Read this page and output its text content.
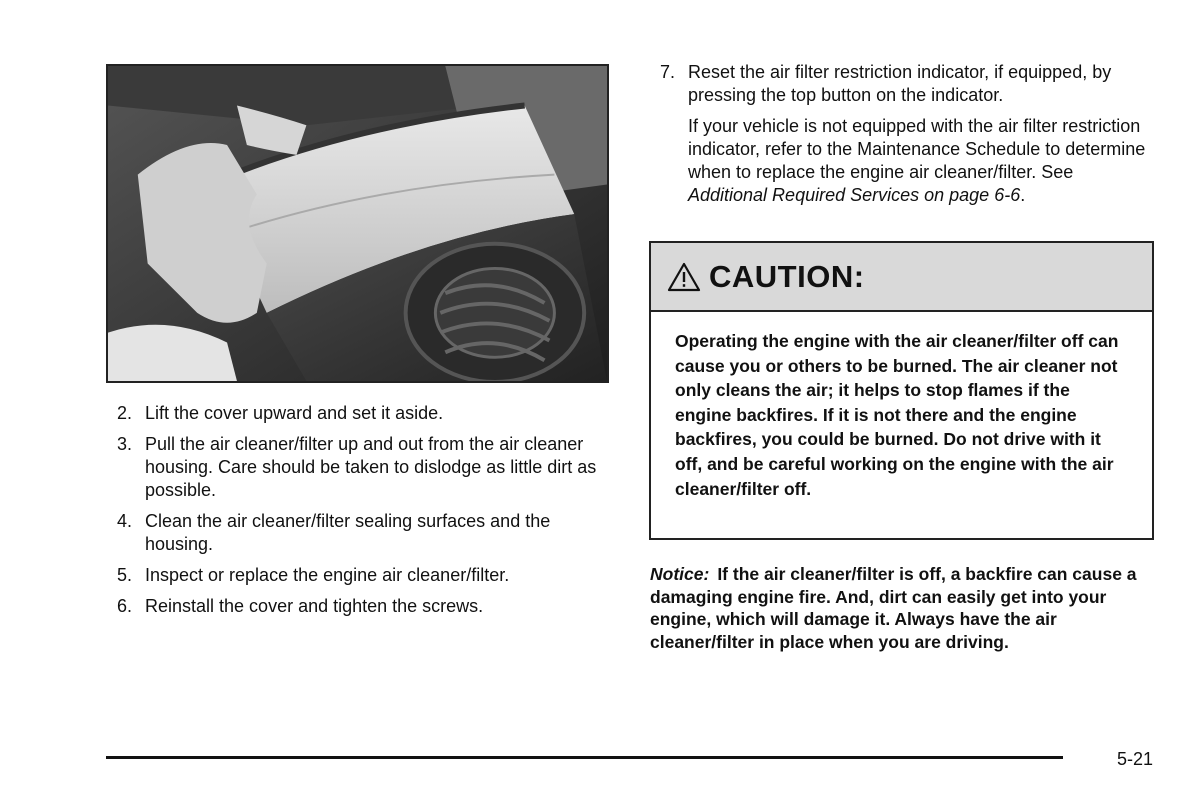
2. Lift the cover upward and set it aside.
3. Pull the air cleaner/filter up and out from the air cleaner housing. Care should be taken to dislodge as little dirt as possible.
4. Clean the air cleaner/filter sealing surfaces and the housing.
5. Inspect or replace the engine air cleaner/filter.
6. Reinstall the cover and tighten the screws.
7. Reset the air filter restriction indicator, if equipped, by pressing the top button on the indicator.

If your vehicle is not equipped with the air filter restriction indicator, refer to the Maintenance Schedule to determine when to replace the engine air cleaner/filter. See Additional Required Services on page 6-6.

CAUTION:
Operating the engine with the air cleaner/filter off can cause you or others to be burned. The air cleaner not only cleans the air; it helps to stop flames if the engine backfires. If it is not there and the engine backfires, you could be burned. Do not drive with it off, and be careful working on the engine with the air cleaner/filter off.
Notice: If the air cleaner/filter is off, a backfire can cause a damaging engine fire. And, dirt can easily get into your engine, which will damage it. Always have the air cleaner/filter in place when you are driving.
5-21
